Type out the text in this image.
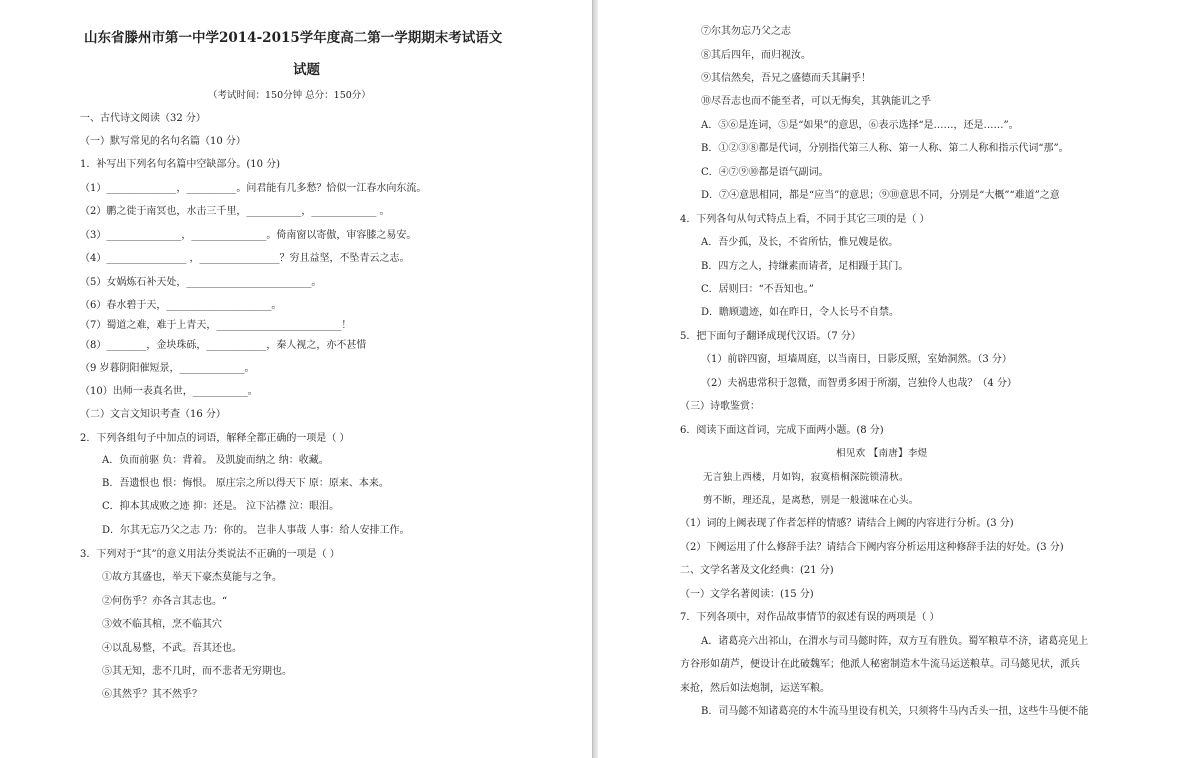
山东省滕州市第一中学2014-2015学年度高二第一学期期末考试语文
试题
（考试时间：150分钟 总分：150分）
一、古代诗文阅读（32 分）
（一）默写常见的名句名篇（10 分）
1．补写出下列名句名篇中空缺部分。(10 分)
（1）______________，__________。问君能有几多愁？恰似一江春水向东流。
（2）鹏之徙于南冥也，水击三千里，___________，_____________ 。
（3）_______________，_______________。倚南窗以寄傲，审容膝之易安。
（4）________________ ，________________？穷且益坚，不坠青云之志。
（5）女娲炼石补天处，_________________________。
（6）春水碧于天，_____________________。
（7）蜀道之难，难于上青天，_________________________！
（8）________，金块珠砾，____________，秦人视之，亦不甚惜
（9 岁暮阴阳催短景，_____________。
（10）出师一表真名世，___________。
（二）文言文知识考查（16 分）
2．下列各组句子中加点的词语，解释全都正确的一项是（ ）
A．负而前驱 负：背着。 及凯旋而纳之 纳：收藏。
B．吾遗恨也 恨：悔恨。 原庄宗之所以得天下 原：原来、本来。
C．抑本其成败之迹 抑：还是。 泣下沾襟 泣：眼泪。
D．尔其无忘乃父之志 乃：你的。 岂非人事哉 人事：给人安排工作。
3．下列对于“其”的意义用法分类说法不正确的一项是（ ）
①故方其盛也，举天下豪杰莫能与之争。
②何伤乎？亦各言其志也。“
③效不临其棺，烹不临其穴
④以乱易整，不武。吾其还也。
⑤其无知，悲不几时，而不悲者无穷期也。
⑥其然乎？其不然乎？
⑦尔其勿忘乃父之志
⑧其后四年，而归视汝。
⑨其信然矣，吾兄之盛德而夭其嗣乎！
⑩尽吾志也而不能至者，可以无悔矣，其孰能讥之乎
A．⑤⑥是连词，⑤是“如果”的意思，⑥表示选择“是……，还是……”。
B．①②③⑧都是代词，分别指代第三人称、第一人称、第二人称和指示代词“那”。
C．④⑦⑨⑩都是语气副词。
D．⑦④意思相同，都是“应当”的意思；⑨⑩意思不同，分别是“大概”“难道”之意
4．下列各句从句式特点上看，不同于其它三项的是（ ）
A．吾少孤，及长，不省所怙，惟兄嫂是依。
B．四方之人，持缣素而请者，足相蹑于其门。
C．居则曰：“不吾知也。”
D．瞻顾遗迹，如在昨日，令人长号不自禁。
5．把下面句子翻译成现代汉语。（7 分）
（1）前辟四窗，垣墙周庭，以当南日，日影反照，室始洞然。（3 分）
（2）夫祸患常积于忽微，而智勇多困于所溺，岂独伶人也哉？（4 分）
（三）诗歌鉴赏：
6．阅读下面这首词，完成下面两小题。(8 分)
相见欢 【南唐】李煜
无言独上西楼，月如钩，寂寞梧桐深院锁清秋。
剪不断，理还乱，是离愁，别是一般滋味在心头。
（1）词的上阙表现了作者怎样的情感？请结合上阙的内容进行分析。(3 分)
（2）下阙运用了什么修辞手法？请结合下阙内容分析运用这种修辞手法的好处。(3 分)
二、文学名著及文化经典：(21 分)
（一）文学名著阅读：(15 分)
7．下列各项中，对作品故事情节的叙述有误的两项是（ ）
A．诸葛亮六出祁山，在渭水与司马懿时阵，双方互有胜负。蜀军粮草不济，诸葛亮见上
方谷形如葫芦，便设计在此破魏军；他派人秘密制造木牛流马运送粮草。司马懿见状，派兵
来抢，然后如法炮制，运送军粮。
B．司马懿不知诸葛亮的木牛流马里设有机关，只须将牛马内舌头一扭，这些牛马便不能
